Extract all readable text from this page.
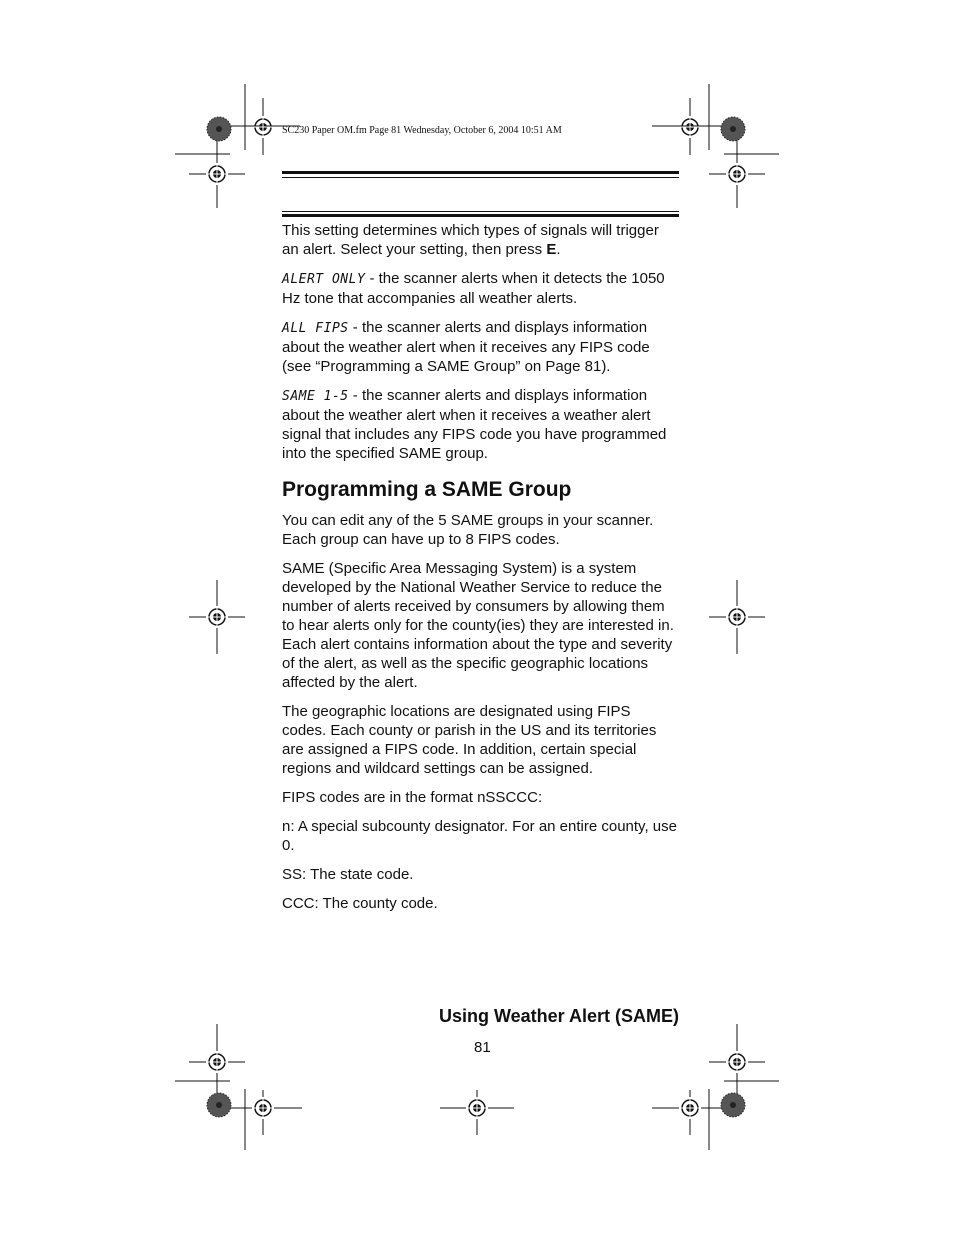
SC230 Paper OM.fm Page 81 Wednesday, October 6, 2004 10:51 AM

This setting determines which types of signals will trigger an alert. Select your setting, then press E.

ALERT ONLY - the scanner alerts when it detects the 1050 Hz tone that accompanies all weather alerts.

ALL FIPS - the scanner alerts and displays information about the weather alert when it receives any FIPS code (see “Programming a SAME Group” on Page 81).

SAME 1-5 - the scanner alerts and displays information about the weather alert when it receives a weather alert signal that includes any FIPS code you have programmed into the specified SAME group.

Programming a SAME Group

You can edit any of the 5 SAME groups in your scanner. Each group can have up to 8 FIPS codes.

SAME (Specific Area Messaging System) is a system developed by the National Weather Service to reduce the number of alerts received by consumers by allowing them to hear alerts only for the county(ies) they are interested in. Each alert contains information about the type and severity of the alert, as well as the specific geographic locations affected by the alert.

The geographic locations are designated using FIPS codes. Each county or parish in the US and its territories are assigned a FIPS code. In addition, certain special regions and wildcard settings can be assigned.

FIPS codes are in the format nSSCCC:

n: A special subcounty designator. For an entire county, use 0.

SS: The state code.

CCC: The county code.

Using Weather Alert (SAME)
81
